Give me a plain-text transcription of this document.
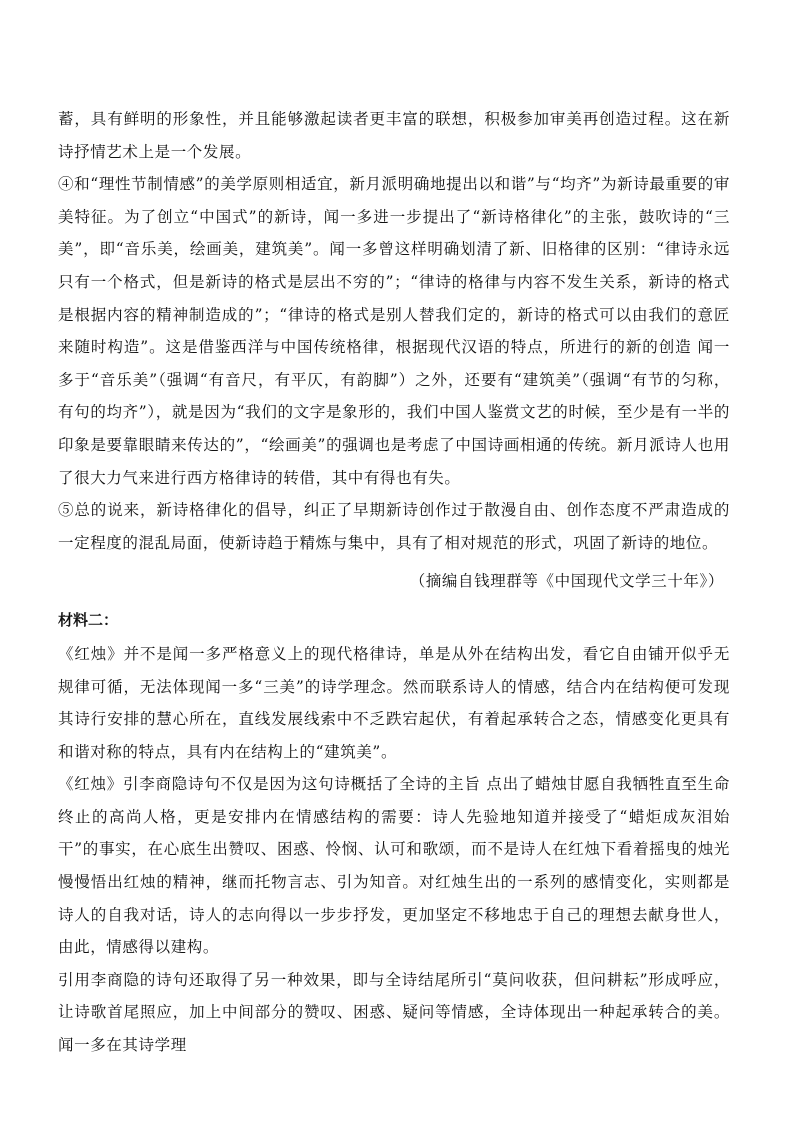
蓄，具有鲜明的形象性，并且能够激起读者更丰富的联想，积极参加审美再创造过程。这在新诗抒情艺术上是一个发展。

④和“理性节制情感”的美学原则相适宜，新月派明确地提出以和谐”与“均齐”为新诗最重要的审美特征。为了创立“中国式”的新诗，闻一多进一步提出了“新诗格律化”的主张，鼓吹诗的“三美”，即“音乐美，绘画美，建筑美”。闻一多曾这样明确划清了新、旧格律的区别：“律诗永远只有一个格式，但是新诗的格式是层出不穷的”；“律诗的格律与内容不发生关系，新诗的格式是根据内容的精神制造成的”；“律诗的格式是别人替我们定的，新诗的格式可以由我们的意匠来随时构造”。这是借鉴西洋与中国传统格律，根据现代汉语的特点，所进行的新的创造 闻一多于“音乐美”（强调“有音尺，有平仄，有韵脚”）之外，还要有“建筑美”（强调“有节的匀称，有句的均齐”），就是因为“我们的文字是象形的，我们中国人鉴赏文艺的时候，至少是有一半的印象是要靠眼睛来传达的”，“绘画美”的强调也是考虑了中国诗画相通的传统。新月派诗人也用了很大力气来进行西方格律诗的转借，其中有得也有失。

⑤总的说来，新诗格律化的倡导，纠正了早期新诗创作过于散漫自由、创作态度不严肃造成的一定程度的混乱局面，使新诗趋于精炼与集中，具有了相对规范的形式，巩固了新诗的地位。

（摘编自钱理群等《中国现代文学三十年》）

材料二：

《红烛》并不是闻一多严格意义上的现代格律诗，单是从外在结构出发，看它自由铺开似乎无规律可循，无法体现闻一多“三美”的诗学理念。然而联系诗人的情感，结合内在结构便可发现其诗行安排的慧心所在，直线发展线索中不乏跌宕起伏，有着起承转合之态，情感变化更具有和谐对称的特点，具有内在结构上的“建筑美”。

《红烛》引李商隐诗句不仅是因为这句诗概括了全诗的主旨 点出了蜡烛甘愿自我牺牲直至生命终止的高尚人格，更是安排内在情感结构的需要：诗人先验地知道并接受了“蜡炬成灰泪始干”的事实，在心底生出赞叹、困惑、怜悯、认可和歌颂，而不是诗人在红烛下看着摇曳的烛光慢慢悟出红烛的精神，继而托物言志、引为知音。对红烛生出的一系列的感情变化，实则都是诗人的自我对话，诗人的志向得以一步步抒发，更加坚定不移地忠于自己的理想去献身世人，由此，情感得以建构。

引用李商隐的诗句还取得了另一种效果，即与全诗结尾所引“莫问收获，但问耕耘”形成呼应，让诗歌首尾照应，加上中间部分的赞叹、困惑、疑问等情感，全诗体现出一种起承转合的美。闻一多在其诗学理
